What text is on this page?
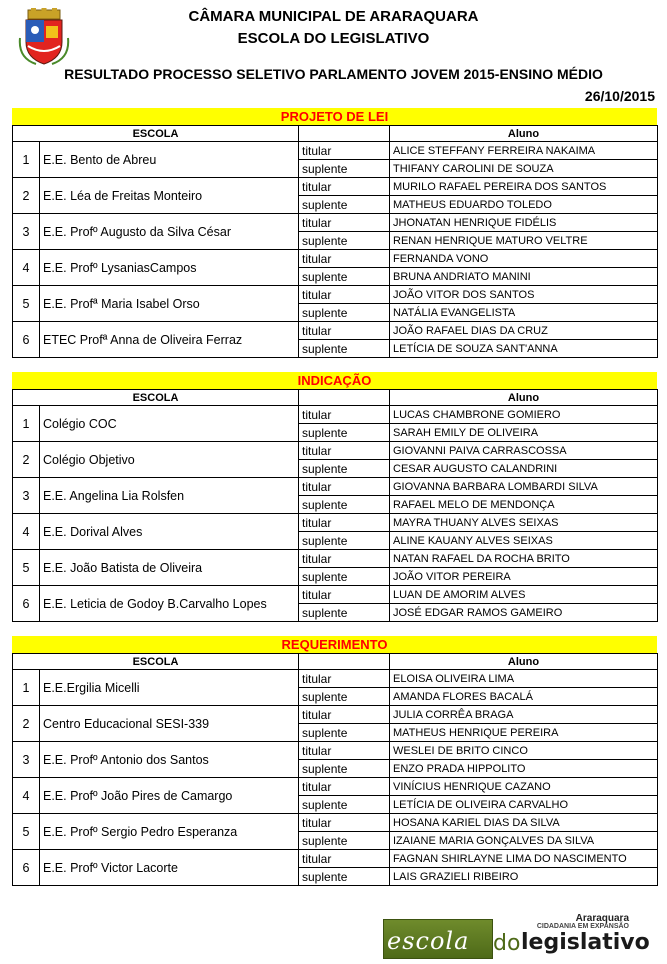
CÂMARA MUNICIPAL DE ARARAQUARA
ESCOLA DO LEGISLATIVO
RESULTADO PROCESSO SELETIVO PARLAMENTO JOVEM 2015-ENSINO MÉDIO
26/10/2015
PROJETO DE LEI
ESCOLA			Aluno
1	E.E. Bento de Abreu	titular	ALICE STEFFANY FERREIRA NAKAIMA
		suplente	THIFANY CAROLINI DE SOUZA
2	E.E. Léa de Freitas Monteiro	titular	MURILO RAFAEL PEREIRA DOS SANTOS
		suplente	MATHEUS EDUARDO TOLEDO
3	E.E. Profº Augusto da Silva César	titular	JHONATAN HENRIQUE FIDÉLIS
		suplente	RENAN HENRIQUE MATURO VELTRE
4	E.E. Profº LysaniasCampos	titular	FERNANDA VONO
		suplente	BRUNA ANDRIATO MANINI
5	E.E. Profª Maria Isabel Orso	titular	JOÃO VITOR DOS SANTOS
		suplente	NATÁLIA EVANGELISTA
6	ETEC Profª Anna de Oliveira Ferraz	titular	JOÃO RAFAEL DIAS DA CRUZ
		suplente	LETÍCIA DE SOUZA SANT'ANNA
INDICAÇÃO
ESCOLA			Aluno
1	Colégio COC	titular	LUCAS CHAMBRONE GOMIERO
		suplente	SARAH EMILY DE OLIVEIRA
2	Colégio Objetivo	titular	GIOVANNI PAIVA CARRASCOSSA
		suplente	CESAR AUGUSTO CALANDRINI
3	E.E. Angelina Lia Rolsfen	titular	GIOVANNA BARBARA LOMBARDI SILVA
		suplente	RAFAEL MELO DE MENDONÇA
4	E.E. Dorival Alves	titular	MAYRA THUANY ALVES SEIXAS
		suplente	ALINE KAUANY ALVES SEIXAS
5	E.E. João Batista de Oliveira	titular	NATAN RAFAEL DA ROCHA BRITO
		suplente	JOÃO VITOR PEREIRA
6	E.E. Leticia de Godoy B.Carvalho Lopes	titular	LUAN DE AMORIM ALVES
		suplente	JOSÉ EDGAR RAMOS GAMEIRO
REQUERIMENTO
ESCOLA			Aluno
1	E.E.Ergilia Micelli	titular	ELOISA OLIVEIRA LIMA
		suplente	AMANDA FLORES BACALÁ
2	Centro Educacional SESI-339	titular	JULIA CORRÊA BRAGA
		suplente	MATHEUS HENRIQUE PEREIRA
3	E.E. Profº Antonio dos Santos	titular	WESLEI DE BRITO CINCO
		suplente	ENZO PRADA HIPPOLITO
4	E.E. Profº João Pires de Camargo	titular	VINÍCIUS HENRIQUE CAZANO
		suplente	LETÍCIA DE OLIVEIRA CARVALHO
5	E.E. Profº Sergio Pedro Esperanza	titular	HOSANA KARIEL DIAS DA SILVA
		suplente	IZAIANE MARIA GONÇALVES DA SILVA
6	E.E. Profº Victor Lacorte	titular	FAGNAN SHIRLAYNE LIMA DO NASCIMENTO
		suplente	LAIS GRAZIELI RIBEIRO
escola do legislativo
Araraquara
CIDADANIA EM EXPANSÃO
